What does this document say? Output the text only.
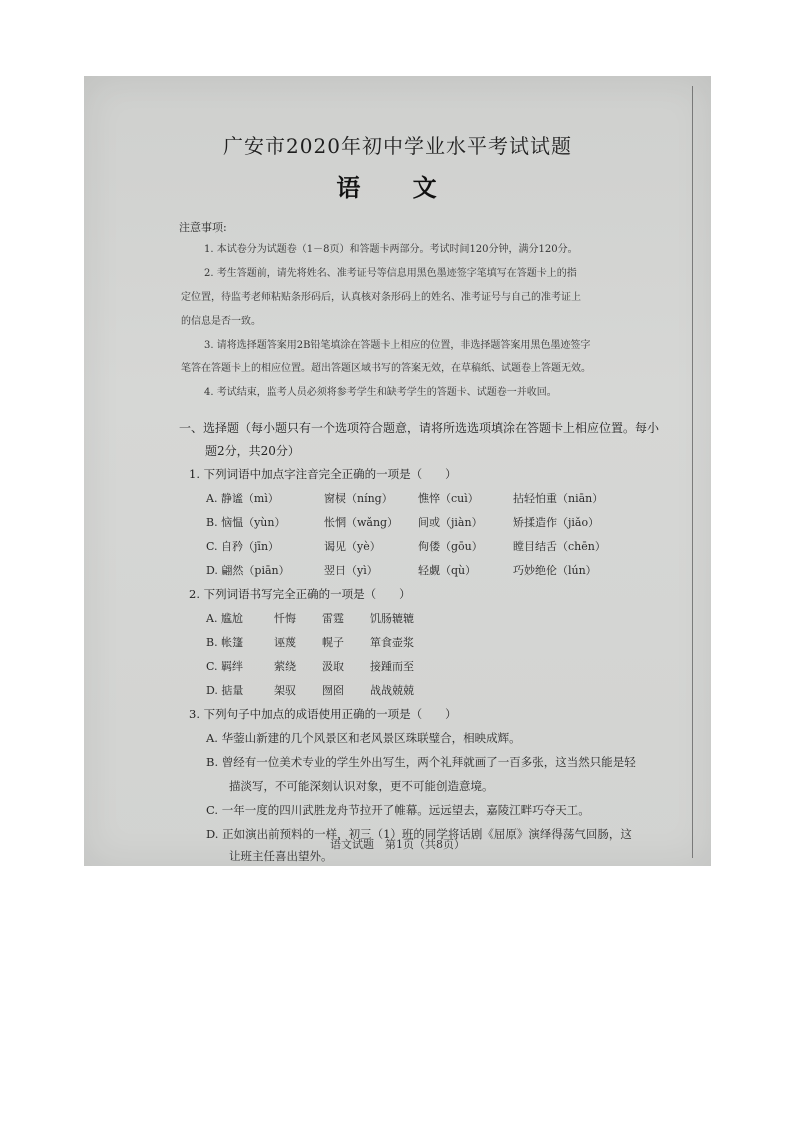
广安市2020年初中学业水平考试试题
语 文
注意事项:
1. 本试卷分为试题卷（1－8页）和答题卡两部分。考试时间120分钟，满分120分。
2. 考生答题前，请先将姓名、准考证号等信息用黑色墨迹签字笔填写在答题卡上的指
定位置，待监考老师粘贴条形码后，认真核对条形码上的姓名、准考证号与自己的准考证上
的信息是否一致。
3. 请将选择题答案用2B铅笔填涂在答题卡上相应的位置，非选择题答案用黑色墨迹签字
笔答在答题卡上的相应位置。超出答题区域书写的答案无效，在草稿纸、试题卷上答题无效。
4. 考试结束，监考人员必须将参考学生和缺考学生的答题卡、试题卷一并收回。
一、选择题（每小题只有一个选项符合题意，请将所选选项填涂在答题卡上相应位置。每小
题2分，共20分）
1. 下列词语中加点字注音完全正确的一项是（　　）
A. 静谧（mì）	窗棂（níng） 憔悴（cuì）	拈轻怕重（niān）
B. 恼愠（yùn）	怅惘（wǎng） 间或（jiàn）	矫揉造作（jiǎo）
C. 自矜（jīn）	谒见（yè）	佝偻（gōu）	瞠目结舌（chēn）
D. 翩然（piān）	翌日（yì）	轻觑（qù）	巧妙绝伦（lún）
2. 下列词语书写完全正确的一项是（　　）
A. 尴尬	忏悔 雷霆 饥肠辘辘
B. 帐篷	诬蔑 幌子 箪食壶浆
C. 羁绊	萦绕 汲取 接踵而至
D. 掂量	架驭 囫囵 战战兢兢
3. 下列句子中加点的成语使用正确的一项是（　　）
A. 华蓥山新建的几个风景区和老风景区珠联璧合，相映成辉。
B. 曾经有一位美术专业的学生外出写生，两个礼拜就画了一百多张，这当然只能是轻
描淡写，不可能深刻认识对象，更不可能创造意境。
C. 一年一度的四川武胜龙舟节拉开了帷幕。远远望去，嘉陵江畔巧夺天工。
D. 正如演出前预料的一样，初三（1）班的同学将话剧《屈原》演绎得荡气回肠，这
让班主任喜出望外。
语文试题　第1页（共8页）
